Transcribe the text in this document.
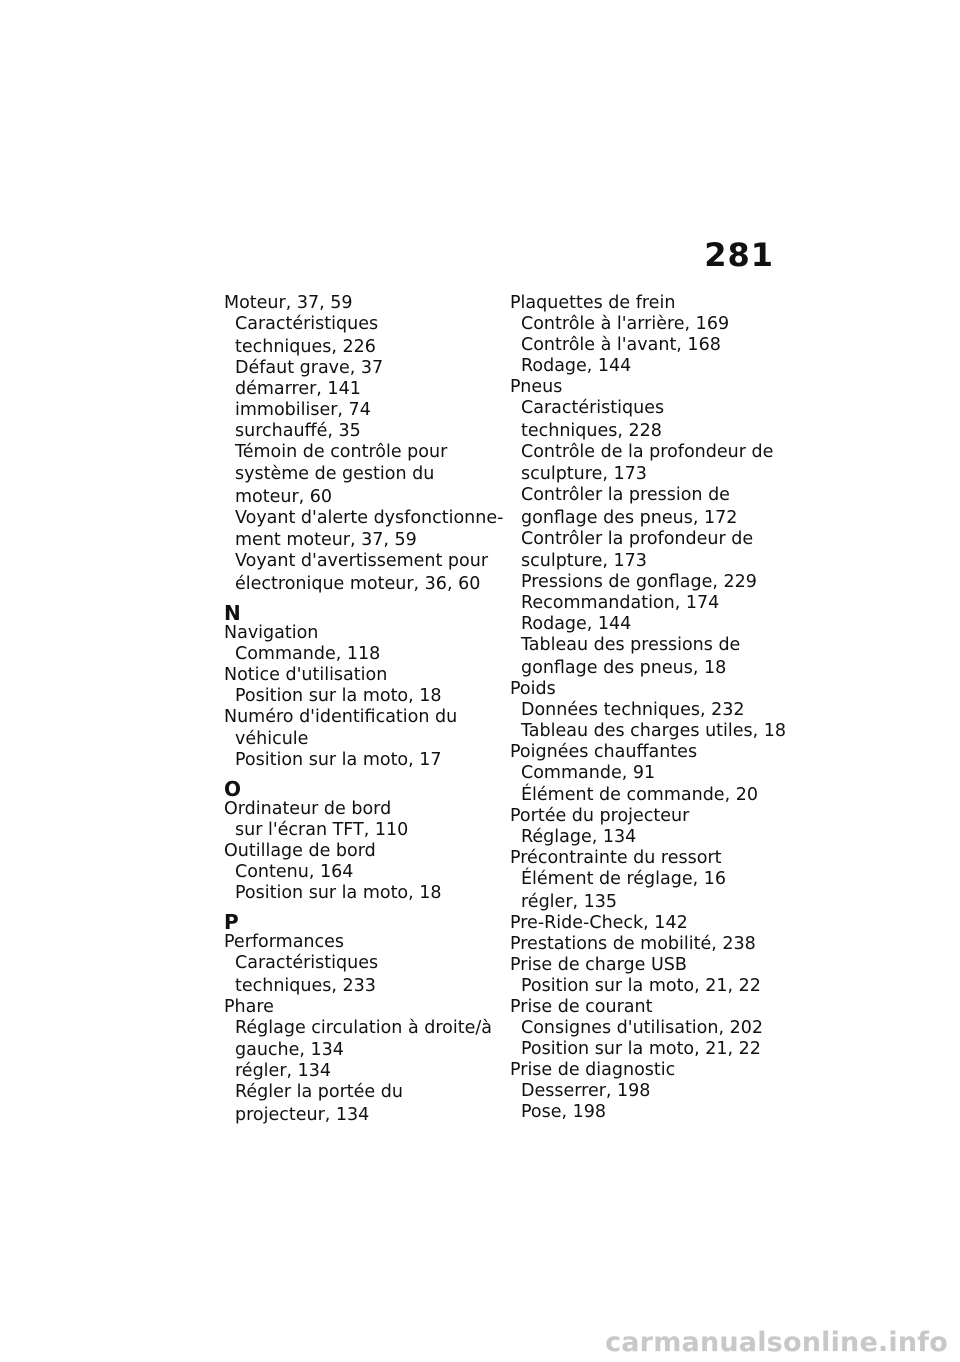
281
Moteur, 37, 59
Caractéristiques
techniques, 226
Défaut grave, 37
démarrer, 141
immobiliser, 74
surchauffé, 35
Témoin de contrôle pour
système de gestion du
moteur, 60
Voyant d'alerte dysfonctionne-
ment moteur, 37, 59
Voyant d'avertissement pour
électronique moteur, 36, 60
N
Navigation
Commande, 118
Notice d'utilisation
Position sur la moto, 18
Numéro d'identification du
véhicule
Position sur la moto, 17
O
Ordinateur de bord
sur l'écran TFT, 110
Outillage de bord
Contenu, 164
Position sur la moto, 18
P
Performances
Caractéristiques
techniques, 233
Phare
Réglage circulation à droite/à
gauche, 134
régler, 134
Régler la portée du
projecteur, 134
Plaquettes de frein
Contrôle à l'arrière, 169
Contrôle à l'avant, 168
Rodage, 144
Pneus
Caractéristiques
techniques, 228
Contrôle de la profondeur de
sculpture, 173
Contrôler la pression de
gonflage des pneus, 172
Contrôler la profondeur de
sculpture, 173
Pressions de gonflage, 229
Recommandation, 174
Rodage, 144
Tableau des pressions de
gonflage des pneus, 18
Poids
Données techniques, 232
Tableau des charges utiles, 18
Poignées chauffantes
Commande, 91
Élément de commande, 20
Portée du projecteur
Réglage, 134
Précontrainte du ressort
Élément de réglage, 16
régler, 135
Pre-Ride-Check, 142
Prestations de mobilité, 238
Prise de charge USB
Position sur la moto, 21, 22
Prise de courant
Consignes d'utilisation, 202
Position sur la moto, 21, 22
Prise de diagnostic
Desserrer, 198
Pose, 198
carmanualsonline.info
